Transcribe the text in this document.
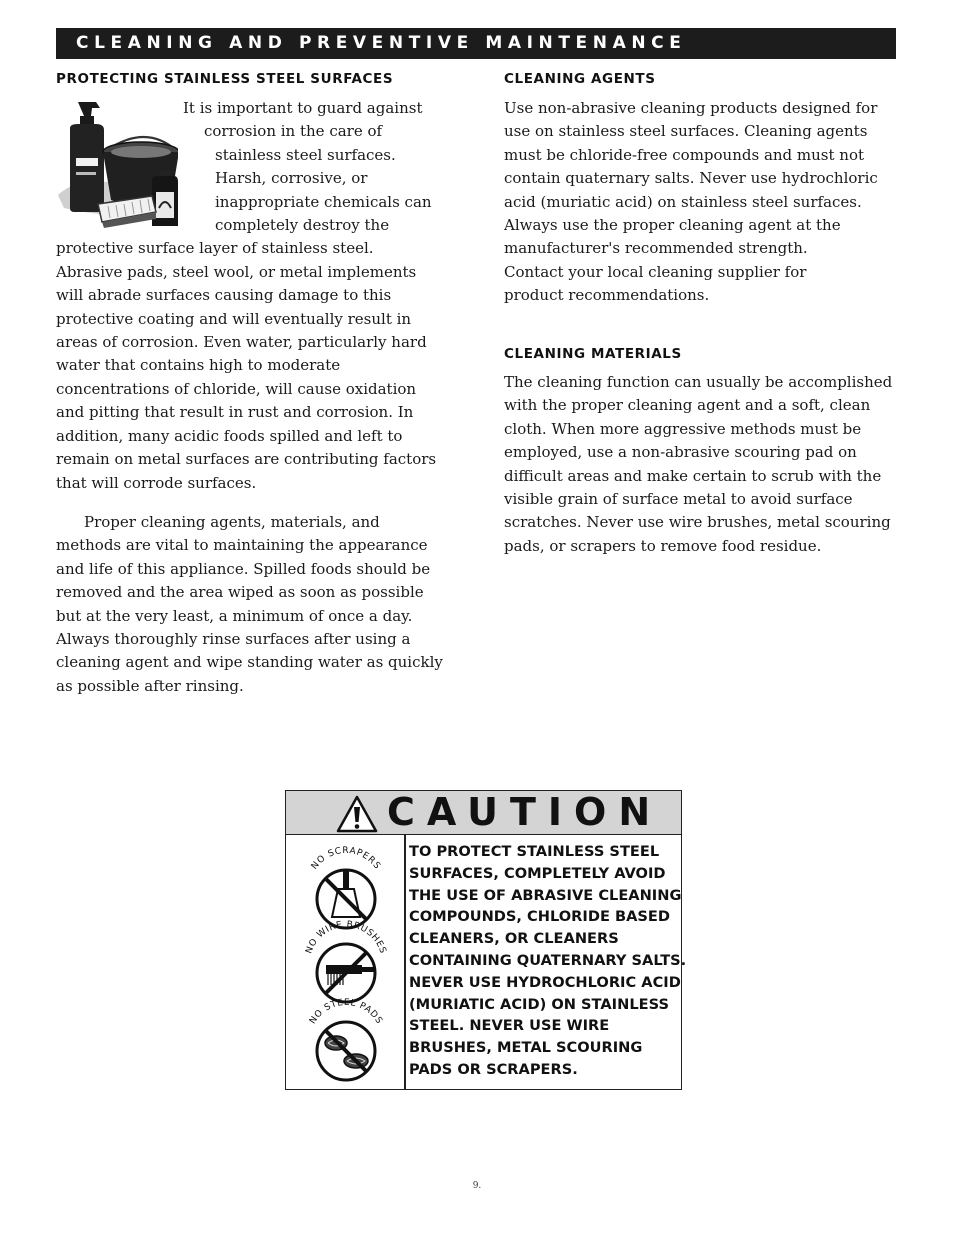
CLEANING AND PREVENTIVE MAINTENANCE
PROTECTING STAINLESS STEEL SURFACES
It is important to guard against
corrosion in the care of
stainless steel surfaces.
Harsh, corrosive, or
inappropriate chemicals can
completely destroy the
protective surface layer of stainless steel.
Abrasive pads, steel wool, or metal implements
will abrade surfaces causing damage to this
protective coating and will eventually result in
areas of corrosion. Even water, particularly hard
water that contains high to moderate
concentrations of chloride, will cause oxidation
and pitting that result in rust and corrosion. In
addition, many acidic foods spilled and left to
remain on metal surfaces are contributing factors
that will corrode surfaces.
Proper cleaning agents, materials, and
methods are vital to maintaining the appearance
and life of this appliance. Spilled foods should be
removed and the area wiped as soon as possible
but at the very least, a minimum of once a day.
Always thoroughly rinse surfaces after using a
cleaning agent and wipe standing water as quickly
as possible after rinsing.
CLEANING AGENTS
Use non-abrasive cleaning products designed for
use on stainless steel surfaces. Cleaning agents
must be chloride-free compounds and must not
contain quaternary salts. Never use hydrochloric
acid (muriatic acid) on stainless steel surfaces.
Always use the proper cleaning agent at the
manufacturer's recommended strength.
Contact your local cleaning supplier for
product recommendations.
CLEANING MATERIALS
The cleaning function can usually be accomplished
with the proper cleaning agent and a soft, clean
cloth. When more aggressive methods must be
employed, use a non-abrasive scouring pad on
difficult areas and make certain to scrub with the
visible grain of surface metal to avoid surface
scratches. Never use wire brushes, metal scouring
pads, or scrapers to remove food residue.
CAUTION
NO SCRAPERS
NO WIRE BRUSHES
NO STEEL PADS
TO PROTECT STAINLESS STEEL
SURFACES, COMPLETELY AVOID
THE USE OF ABRASIVE CLEANING
COMPOUNDS, CHLORIDE BASED
CLEANERS, OR CLEANERS
CONTAINING QUATERNARY SALTS.
NEVER USE HYDROCHLORIC ACID
(MURIATIC ACID) ON STAINLESS
STEEL. NEVER USE WIRE
BRUSHES, METAL SCOURING
PADS OR SCRAPERS.
9.
